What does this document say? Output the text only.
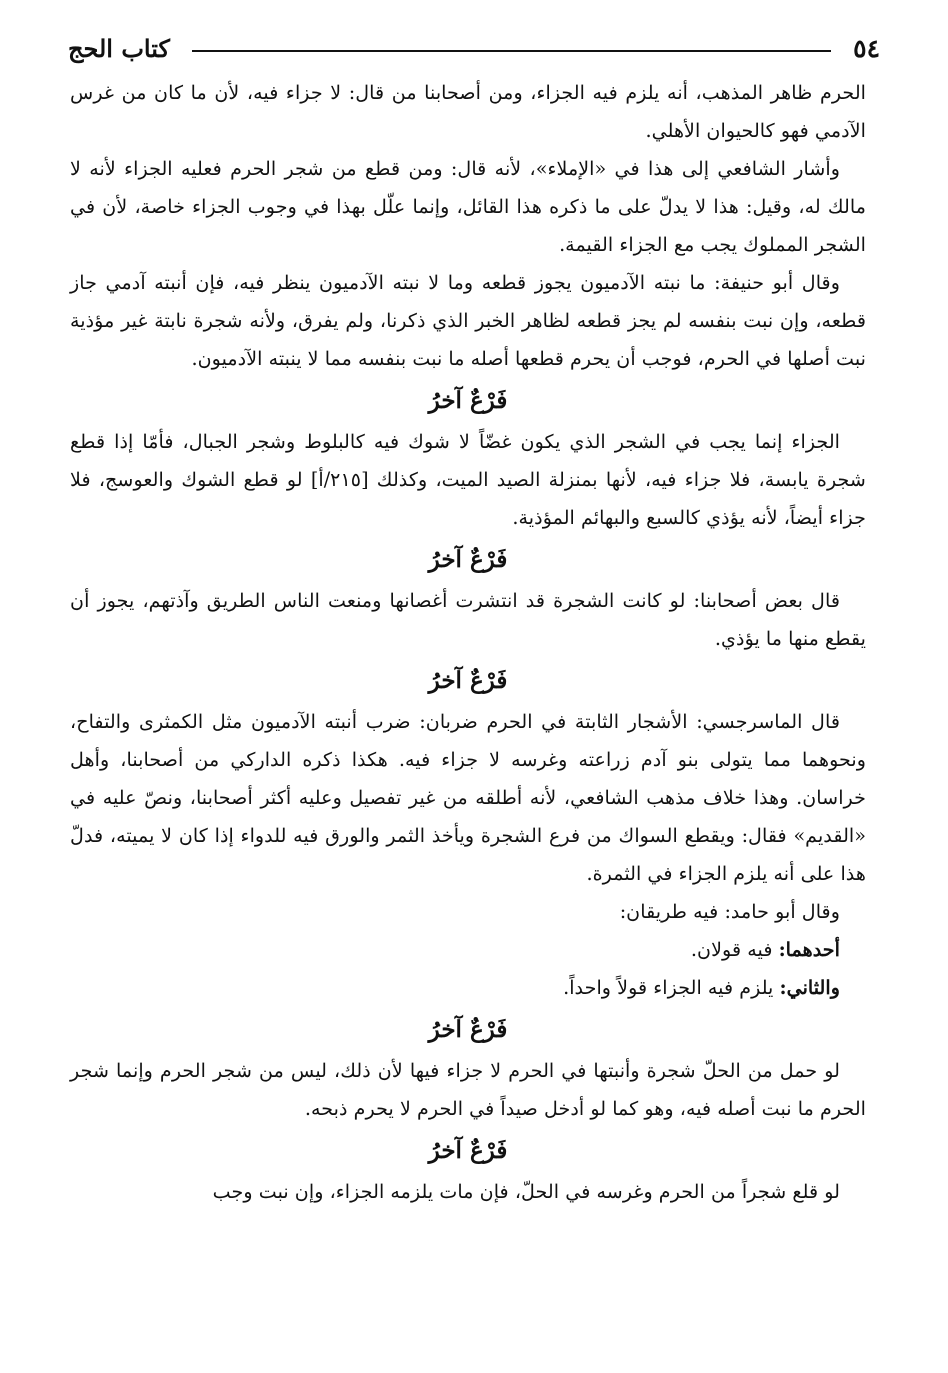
٥٤
كتاب الحج

الحرم ظاهر المذهب، أنه يلزم فيه الجزاء، ومن أصحابنا من قال: لا جزاء فيه، لأن ما كان من غرس الآدمي فهو كالحيوان الأهلي.

وأشار الشافعي إلى هذا في «الإملاء»، لأنه قال: ومن قطع من شجر الحرم فعليه الجزاء لأنه لا مالك له، وقيل: هذا لا يدلّ على ما ذكره هذا القائل، وإنما علّل بهذا في وجوب الجزاء خاصة، لأن في الشجر المملوك يجب مع الجزاء القيمة.

وقال أبو حنيفة: ما نبته الآدميون يجوز قطعه وما لا نبته الآدميون ينظر فيه، فإن أنبته آدمي جاز قطعه، وإن نبت بنفسه لم يجز قطعه لظاهر الخبر الذي ذكرنا، ولم يفرق، ولأنه شجرة نابتة غير مؤذية نبت أصلها في الحرم، فوجب أن يحرم قطعها أصله ما نبت بنفسه مما لا ينبته الآدميون.

فَرْعٌ آخرُ

الجزاء إنما يجب في الشجر الذي يكون غضّاً لا شوك فيه كالبلوط وشجر الجبال، فأمّا إذا قطع شجرة يابسة، فلا جزاء فيه، لأنها بمنزلة الصيد الميت، وكذلك [٢١٥/أ] لو قطع الشوك والعوسج، فلا جزاء أيضاً، لأنه يؤذي كالسبع والبهائم المؤذية.

فَرْعٌ آخرُ

قال بعض أصحابنا: لو كانت الشجرة قد انتشرت أغصانها ومنعت الناس الطريق وآذتهم، يجوز أن يقطع منها ما يؤذي.

فَرْعٌ آخرُ

قال الماسرجسي: الأشجار الثابتة في الحرم ضربان: ضرب أنبته الآدميون مثل الكمثرى والتفاح، ونحوهما مما يتولى بنو آدم زراعته وغرسه لا جزاء فيه. هكذا ذكره الداركي من أصحابنا، وأهل خراسان. وهذا خلاف مذهب الشافعي، لأنه أطلقه من غير تفصيل وعليه أكثر أصحابنا، ونصّ عليه في «القديم» فقال: ويقطع السواك من فرع الشجرة ويأخذ الثمر والورق فيه للدواء إذا كان لا يميته، فدلّ هذا على أنه يلزم الجزاء في الثمرة.

وقال أبو حامد: فيه طريقان:

أحدهما: فيه قولان.

والثاني: يلزم فيه الجزاء قولاً واحداً.

فَرْعٌ آخرُ

لو حمل من الحلّ شجرة وأنبتها في الحرم لا جزاء فيها لأن ذلك، ليس من شجر الحرم وإنما شجر الحرم ما نبت أصله فيه، وهو كما لو أدخل صيداً في الحرم لا يحرم ذبحه.

فَرْعٌ آخرُ

لو قلع شجراً من الحرم وغرسه في الحلّ، فإن مات يلزمه الجزاء، وإن نبت وجب
